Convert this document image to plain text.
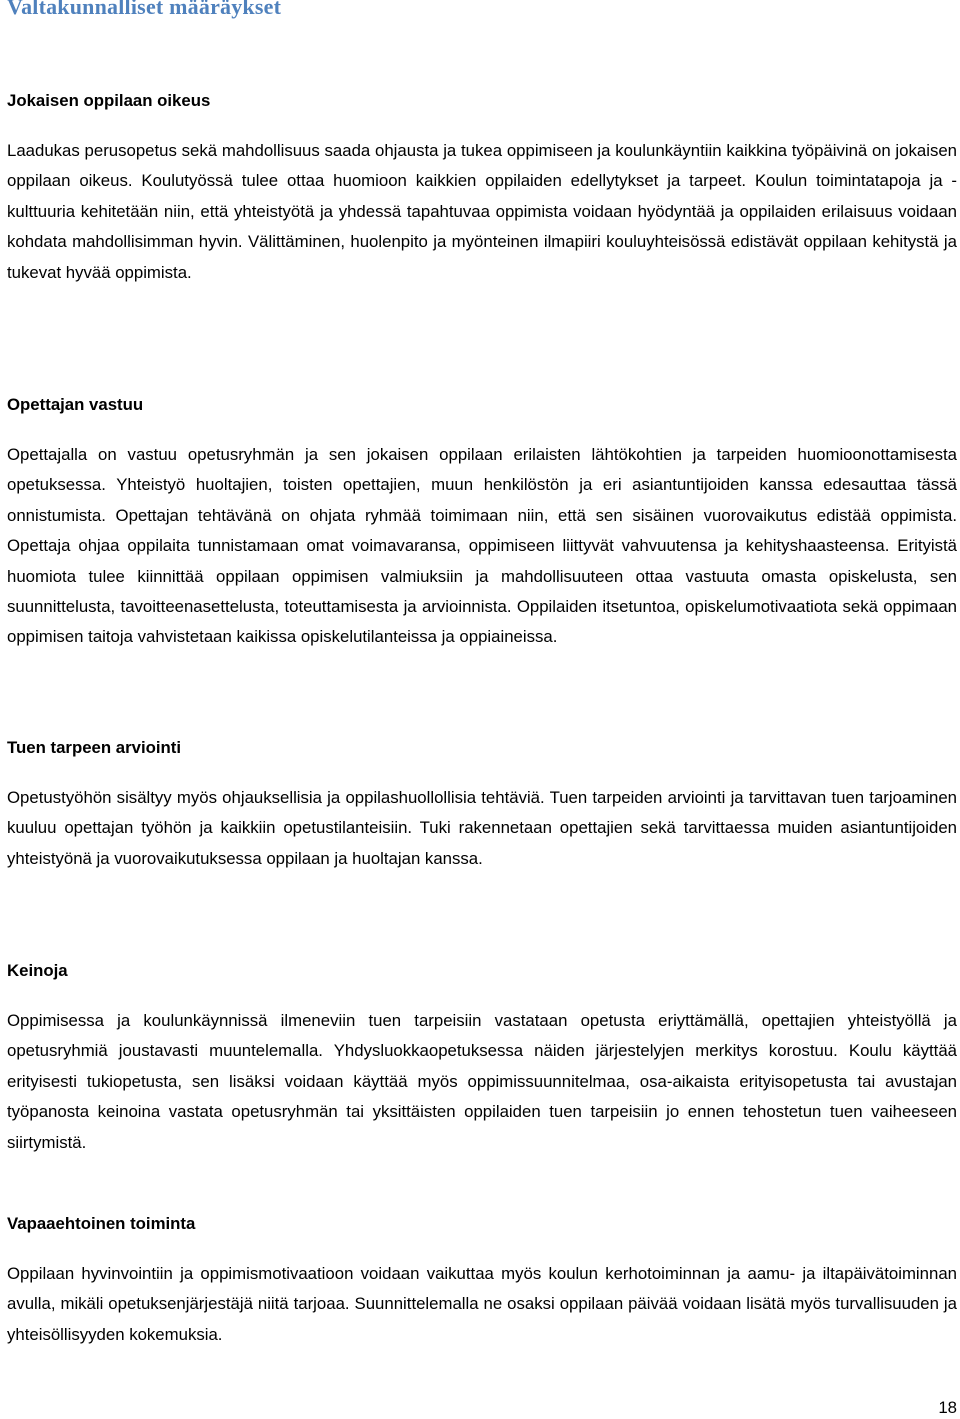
Valtakunnalliset määräykset
Jokaisen oppilaan oikeus

Laadukas perusopetus sekä mahdollisuus saada ohjausta ja tukea oppimiseen ja koulunkäyntiin kaikkina työpäivinä on jokaisen oppilaan oikeus. Koulutyössä tulee ottaa huomioon kaikkien oppilaiden edellytykset ja tarpeet. Koulun toimintatapoja ja -kulttuuria kehitetään niin, että yhteistyötä ja yhdessä tapahtuvaa oppimista voidaan hyödyntää ja oppilaiden erilaisuus voidaan kohdata mahdollisimman hyvin. Välittäminen, huolenpito ja myönteinen ilmapiiri kouluyhteisössä edistävät oppilaan kehitystä ja tukevat hyvää oppimista.

Opettajan vastuu

Opettajalla on vastuu opetusryhmän ja sen jokaisen oppilaan erilaisten lähtökohtien ja tarpeiden huomioonottamisesta opetuksessa. Yhteistyö huoltajien, toisten opettajien, muun henkilöstön ja eri asiantuntijoiden kanssa edesauttaa tässä onnistumista. Opettajan tehtävänä on ohjata ryhmää toimimaan niin, että sen sisäinen vuorovaikutus edistää oppimista. Opettaja ohjaa oppilaita tunnistamaan omat voimavaransa, oppimiseen liittyvät vahvuutensa ja kehityshaasteensa. Erityistä huomiota tulee kiinnittää oppilaan oppimisen valmiuksiin ja mahdollisuuteen ottaa vastuuta omasta opiskelusta, sen suunnittelusta, tavoitteenasettelusta, toteuttamisesta ja arvioinnista. Oppilaiden itsetuntoa, opiskelumotivaatiota sekä oppimaan oppimisen taitoja vahvistetaan kaikissa opiskelutilanteissa ja oppiaineissa.

Tuen tarpeen arviointi

Opetustyöhön sisältyy myös ohjauksellisia ja oppilashuollollisia tehtäviä. Tuen tarpeiden arviointi ja tarvittavan tuen tarjoaminen kuuluu opettajan työhön ja kaikkiin opetustilanteisiin. Tuki rakennetaan opettajien sekä tarvittaessa muiden asiantuntijoiden yhteistyönä ja vuorovaikutuksessa oppilaan ja huoltajan kanssa.

Keinoja

Oppimisessa ja koulunkäynnissä ilmeneviin tuen tarpeisiin vastataan opetusta eriyttämällä, opettajien yhteistyöllä ja opetusryhmiä joustavasti muuntelemalla. Yhdysluokkaopetuksessa näiden järjestelyjen merkitys korostuu. Koulu käyttää erityisesti tukiopetusta, sen lisäksi voidaan käyttää myös oppimissuunnitelmaa, osa-aikaista erityisopetusta tai avustajan työpanosta keinoina vastata opetusryhmän tai yksittäisten oppilaiden tuen tarpeisiin jo ennen tehostetun tuen vaiheeseen siirtymistä.

Vapaaehtoinen toiminta

Oppilaan hyvinvointiin ja oppimismotivaatioon voidaan vaikuttaa myös koulun kerhotoiminnan ja aamu- ja iltapäivätoiminnan avulla, mikäli opetuksenjärjestäjä niitä tarjoaa. Suunnittelemalla ne osaksi oppilaan päivää voidaan lisätä myös turvallisuuden ja yhteisöllisyyden kokemuksia.

18
